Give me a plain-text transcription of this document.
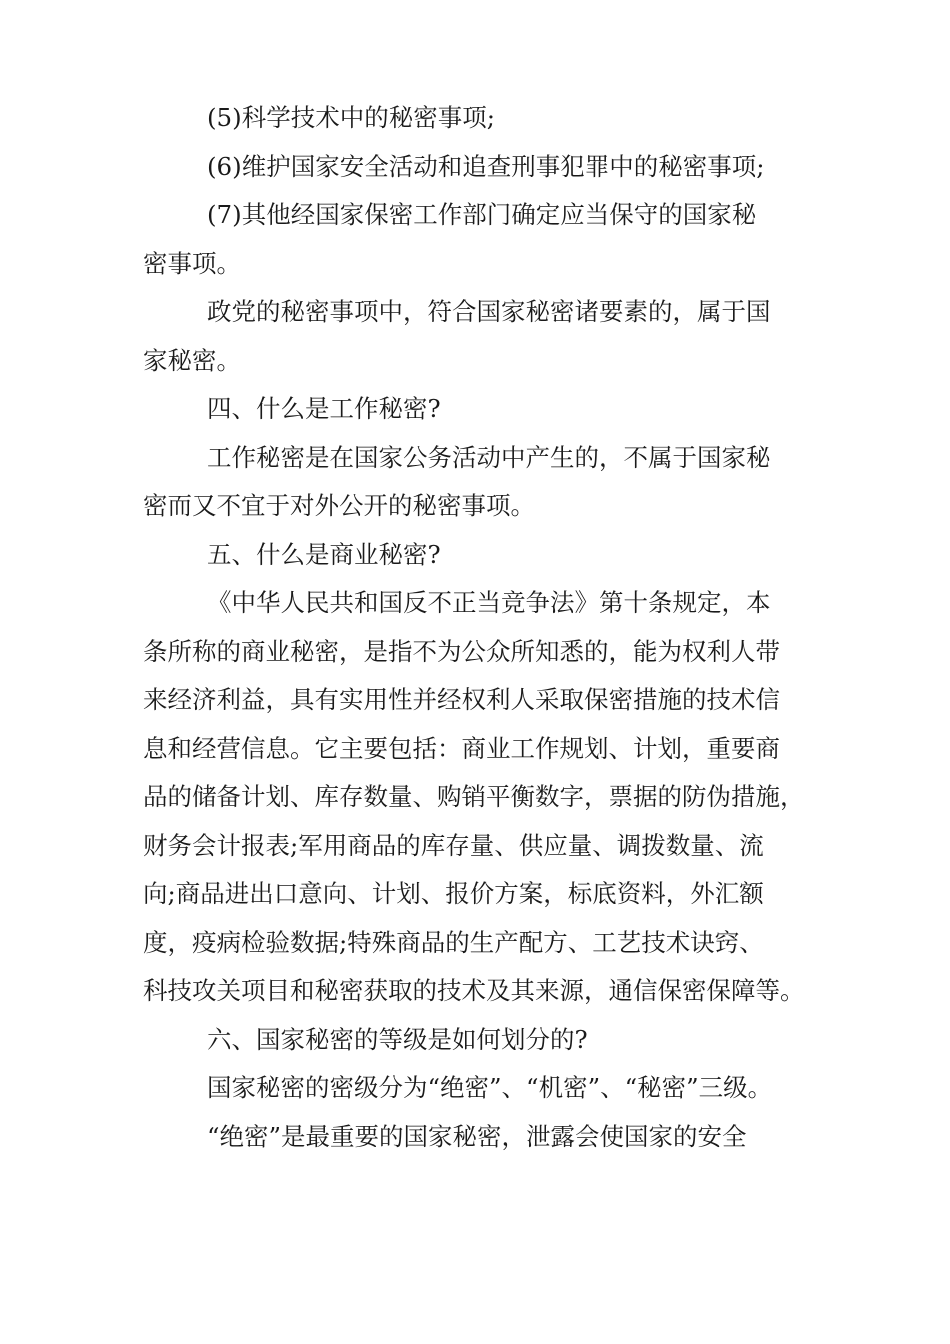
(5)科学技术中的秘密事项;
(6)维护国家安全活动和追查刑事犯罪中的秘密事项;
(7)其他经国家保密工作部门确定应当保守的国家秘
密事项。
政党的秘密事项中，符合国家秘密诸要素的，属于国
家秘密。
四、什么是工作秘密?
工作秘密是在国家公务活动中产生的，不属于国家秘
密而又不宜于对外公开的秘密事项。
五、什么是商业秘密?
《中华人民共和国反不正当竞争法》第十条规定，本
条所称的商业秘密，是指不为公众所知悉的，能为权利人带
来经济利益，具有实用性并经权利人采取保密措施的技术信
息和经营信息。它主要包括：商业工作规划、计划，重要商
品的储备计划、库存数量、购销平衡数字，票据的防伪措施，
财务会计报表;军用商品的库存量、供应量、调拨数量、流
向;商品进出口意向、计划、报价方案，标底资料，外汇额
度，疫病检验数据;特殊商品的生产配方、工艺技术诀窍、
科技攻关项目和秘密获取的技术及其来源，通信保密保障等。
六、国家秘密的等级是如何划分的?
国家秘密的密级分为“绝密”、“机密”、“秘密”三级。
“绝密”是最重要的国家秘密，泄露会使国家的安全
